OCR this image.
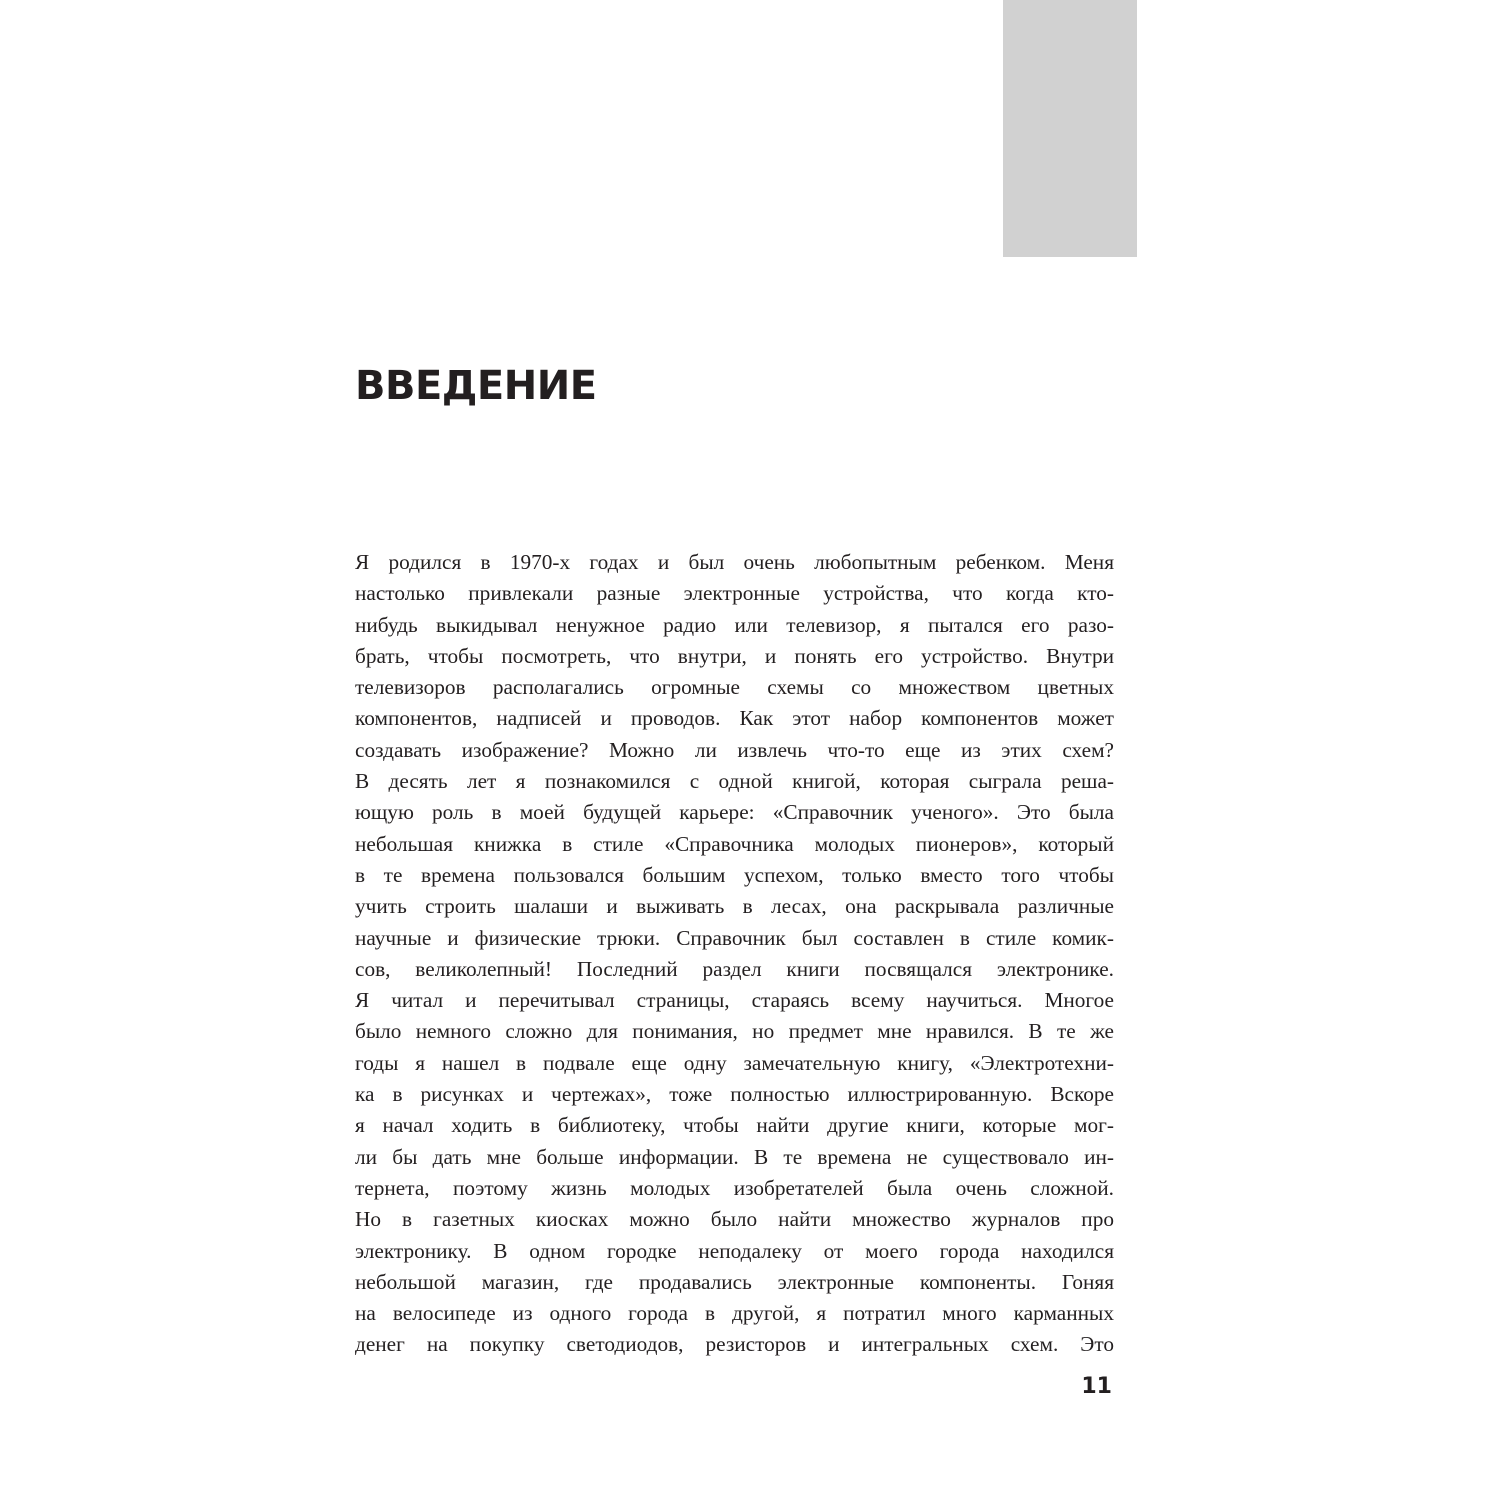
ВВЕДЕНИЕ
Я родился в 1970-х годах и был очень любопытным ребенком. Меня
настолько привлекали разные электронные устройства, что когда кто-
нибудь выкидывал ненужное радио или телевизор, я пытался его разо-
брать, чтобы посмотреть, что внутри, и понять его устройство. Внутри
телевизоров располагались огромные схемы со множеством цветных
компонентов, надписей и проводов. Как этот набор компонентов может
создавать изображение? Можно ли извлечь что-то еще из этих схем?
В десять лет я познакомился с одной книгой, которая сыграла реша-
ющую роль в моей будущей карьере: «Справочник ученого». Это была
небольшая книжка в стиле «Справочника молодых пионеров», который
в те времена пользовался большим успехом, только вместо того чтобы
учить строить шалаши и выживать в лесах, она раскрывала различные
научные и физические трюки. Справочник был составлен в стиле комик-
сов, великолепный! Последний раздел книги посвящался электронике.
Я читал и перечитывал страницы, стараясь всему научиться. Многое
было немного сложно для понимания, но предмет мне нравился. В те же
годы я нашел в подвале еще одну замечательную книгу, «Электротехни-
ка в рисунках и чертежах», тоже полностью иллюстрированную. Вскоре
я начал ходить в библиотеку, чтобы найти другие книги, которые мог-
ли бы дать мне больше информации. В те времена не существовало ин-
тернета, поэтому жизнь молодых изобретателей была очень сложной.
Но в газетных киосках можно было найти множество журналов про
электронику. В одном городке неподалеку от моего города находился
небольшой магазин, где продавались электронные компоненты. Гоняя
на велосипеде из одного города в другой, я потратил много карманных
денег на покупку светодиодов, резисторов и интегральных схем. Это
11
